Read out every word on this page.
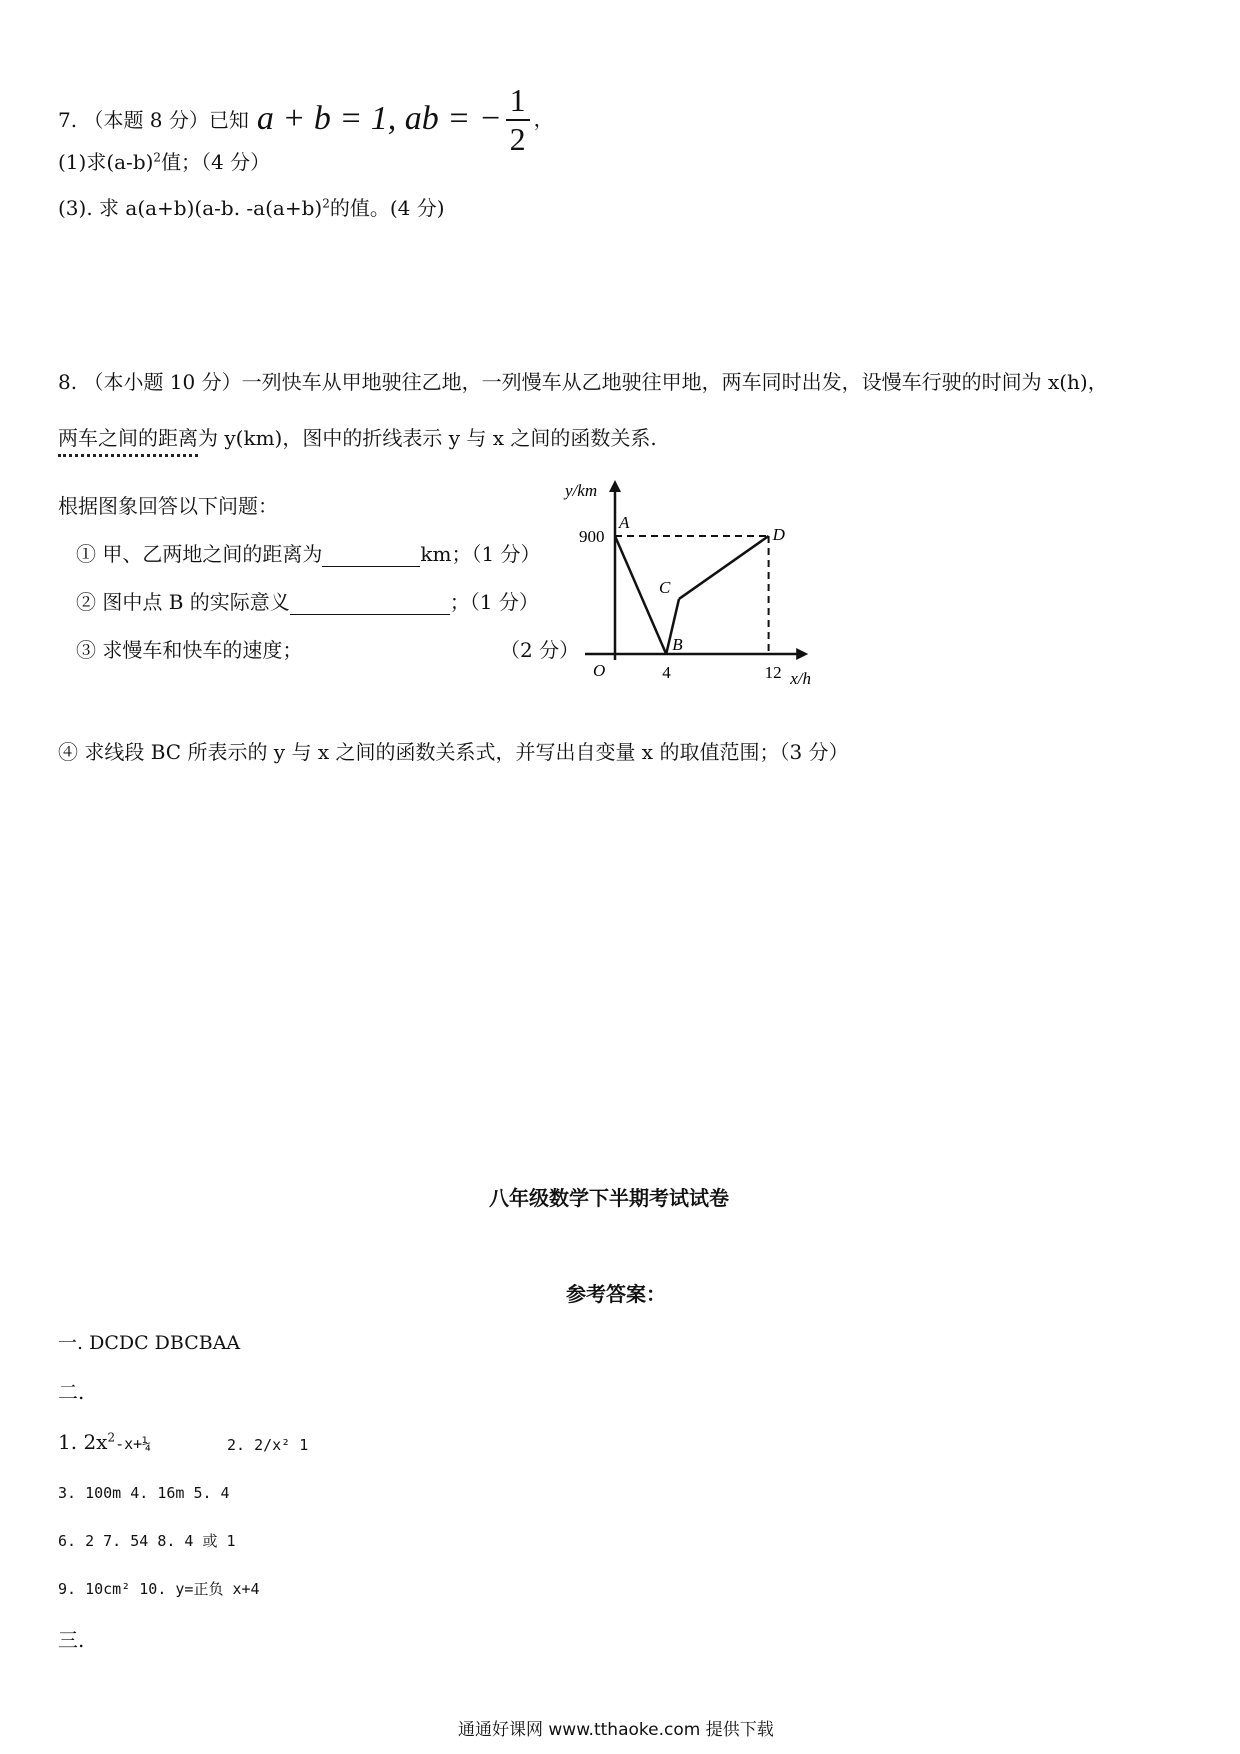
7. （本题 8 分）已知 a + b = 1, ab = − $\frac{1}{2}$ ，
(1)求$(a-b)^2$值；（4 分）
(3). 求 a(a+b)(a-b. $-a(a+b)^2$的值。(4 分)
8. （本小题 10 分）一列快车从甲地驶往乙地，一列慢车从乙地驶往甲地，两车同时出发，设慢车行驶的时间为 x(h)，
两车之间的距离为 y(km)，图中的折线表示 y 与 x 之间的函数关系.
根据图象回答以下问题：
① 甲、乙两地之间的距离为	km；（1 分）
② 图中点 B 的实际意义	；（1 分）
③ 求慢车和快车的速度；	（2 分）
④ 求线段 BC 所表示的 y 与 x 之间的函数关系式，并写出自变量 x 的取值范围；（3 分）
y/km
x/h
O	4	12
900
A
B
C
D
八年级数学下半期考试试卷
参考答案：
一. DCDC DBCBAA
二.
1. $2x^2-x+\frac{1}{4}$	2. 2/x² 1
3. 100m 4. 16m 5. 4
6. 2 7. 54 8. 4 或 1
9. 10cm² 10. y=正负 x+4
三.
通通好课网 www.tthaoke.com 提供下载
